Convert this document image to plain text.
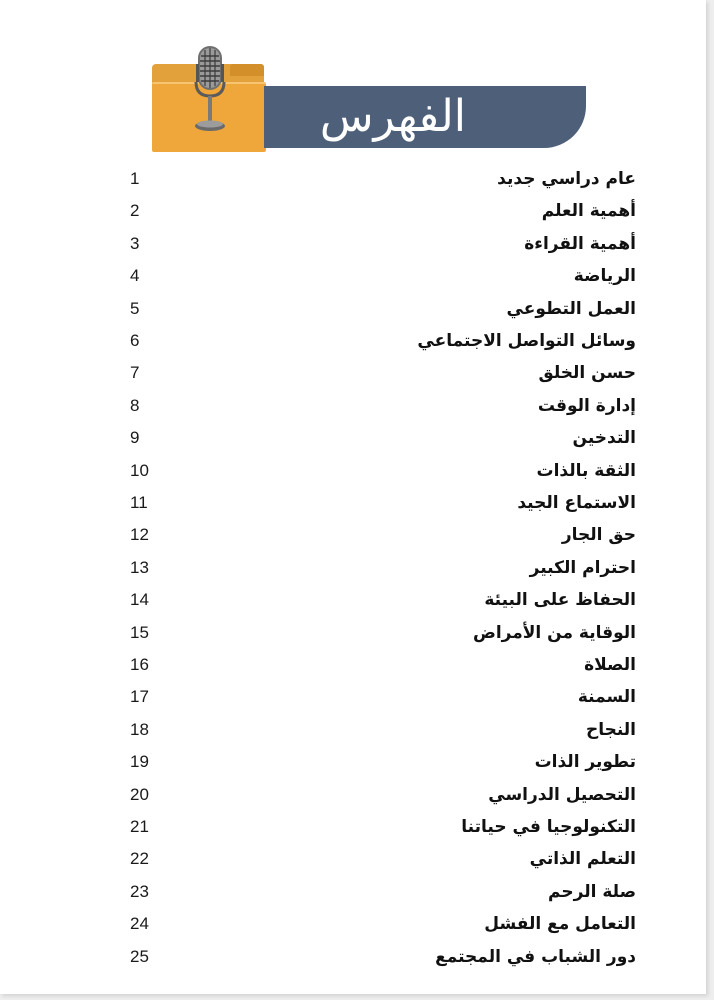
الفهرس
1	عام دراسي جديد
2	أهمية العلم
3	أهمية القراءة
4	الرياضة
5	العمل التطوعي
6	وسائل التواصل الاجتماعي
7	حسن الخلق
8	إدارة الوقت
9	التدخين
10	الثقة بالذات
11	الاستماع الجيد
12	حق الجار
13	احترام الكبير
14	الحفاظ على البيئة
15	الوقاية من الأمراض
16	الصلاة
17	السمنة
18	النجاح
19	تطوير الذات
20	التحصيل الدراسي
21	التكنولوجيا في حياتنا
22	التعلم الذاتي
23	صلة الرحم
24	التعامل مع الفشل
25	دور الشباب في المجتمع
